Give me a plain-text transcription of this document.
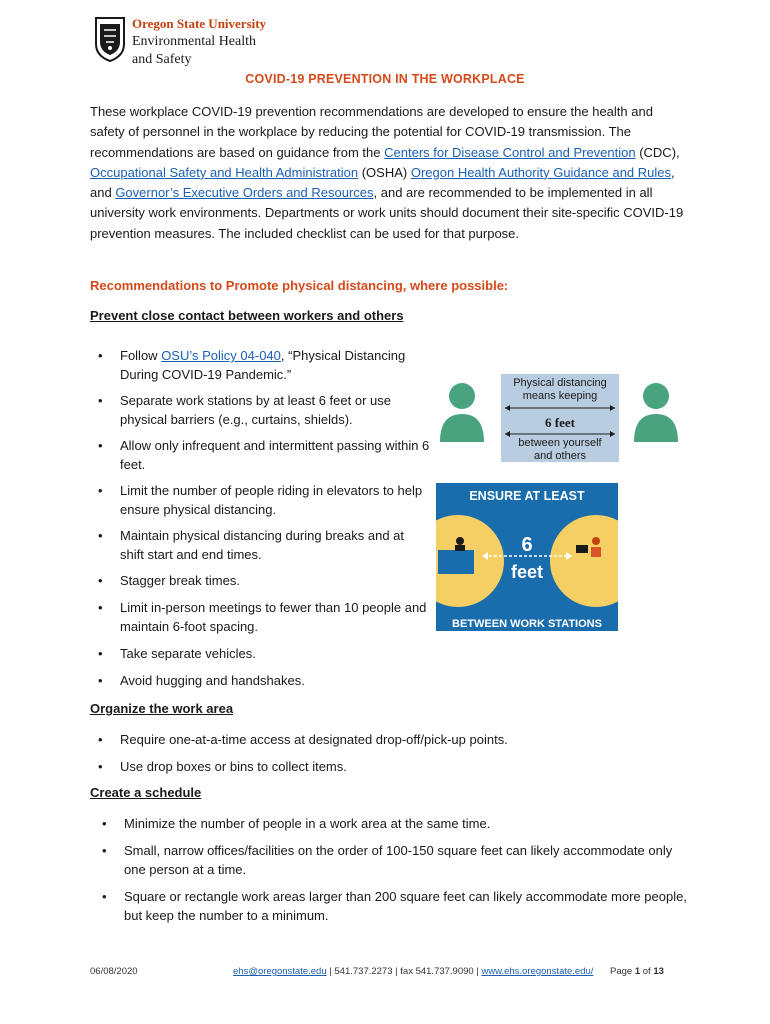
Oregon State University
Environmental Health
and Safety
COVID-19 PREVENTION IN THE WORKPLACE
These workplace COVID-19 prevention recommendations are developed to ensure the health and safety of personnel in the workplace by reducing the potential for COVID-19 transmission. The recommendations are based on guidance from the Centers for Disease Control and Prevention (CDC), Occupational Safety and Health Administration (OSHA) Oregon Health Authority Guidance and Rules, and Governor’s Executive Orders and Resources, and are recommended to be implemented in all university work environments. Departments or work units should document their site-specific COVID-19 prevention measures. The included checklist can be used for that purpose.
Recommendations to Promote physical distancing, where possible:
Prevent close contact between workers and others
• Follow OSU’s Policy 04-040, “Physical Distancing During COVID-19 Pandemic.”
• Separate work stations by at least 6 feet or use physical barriers (e.g., curtains, shields).
• Allow only infrequent and intermittent passing within 6 feet.
• Limit the number of people riding in elevators to help ensure physical distancing.
• Maintain physical distancing during breaks and at shift start and end times.
• Stagger break times.
• Limit in-person meetings to fewer than 10 people and maintain 6-foot spacing.
• Take separate vehicles.
• Avoid hugging and handshakes.
Physical distancing
means keeping
6 feet
between yourself
and others
ENSURE AT LEAST
6
feet
BETWEEN WORK STATIONS
Organize the work area
• Require one-at-a-time access at designated drop-off/pick-up points.
• Use drop boxes or bins to collect items.
Create a schedule
• Minimize the number of people in a work area at the same time.
• Small, narrow offices/facilities on the order of 100-150 square feet can likely accommodate only one person at a time.
• Square or rectangle work areas larger than 200 square feet can likely accommodate more people, but keep the number to a minimum.
06/08/2020	ehs@oregonstate.edu | 541.737.2273 | fax 541.737.9090 | www.ehs.oregonstate.edu/ Page 1 of 13
